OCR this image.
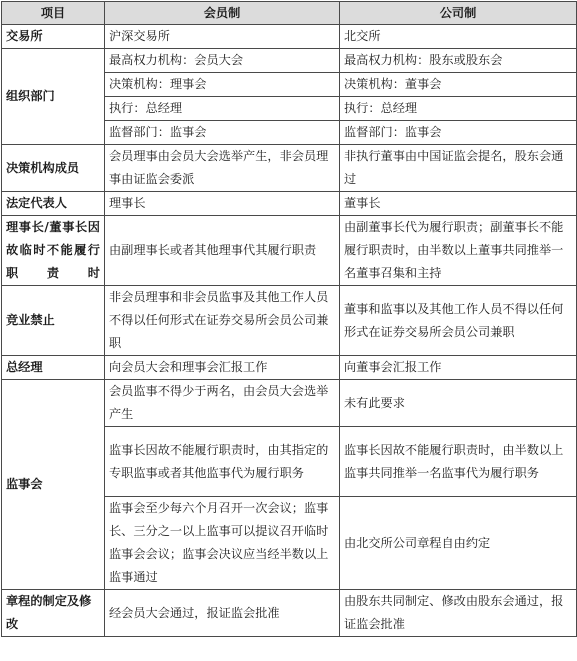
项目	会员制	公司制
交易所	沪深交易所	北交所
组织部门	最高权力机构：会员大会	最高权力机构：股东或股东会
	决策机构：理事会	决策机构：董事会
	执行：总经理	执行：总经理
	监督部门：监事会	监督部门：监事会
决策机构成员	会员理事由会员大会选举产生，非会员理事由证监会委派	非执行董事由中国证监会提名，股东会通过
法定代表人	理事长	董事长
理事长/董事长因故临时不能履行职责时	由副理事长或者其他理事代其履行职责	由副董事长代为履行职责；副董事长不能履行职责时，由半数以上董事共同推举一名董事召集和主持
竞业禁止	非会员理事和非会员监事及其他工作人员不得以任何形式在证券交易所会员公司兼职	董事和监事以及其他工作人员不得以任何形式在证券交易所会员公司兼职
总经理	向会员大会和理事会汇报工作	向董事会汇报工作
监事会	会员监事不得少于两名，由会员大会选举产生	未有此要求
	监事长因故不能履行职责时，由其指定的专职监事或者其他监事代为履行职务	监事长因故不能履行职责时，由半数以上监事共同推举一名监事代为履行职务
	监事会至少每六个月召开一次会议；监事长、三分之一以上监事可以提议召开临时监事会会议；监事会决议应当经半数以上监事通过	由北交所公司章程自由约定
章程的制定及修改	经会员大会通过，报证监会批准	由股东共同制定、修改由股东会通过，报证监会批准
